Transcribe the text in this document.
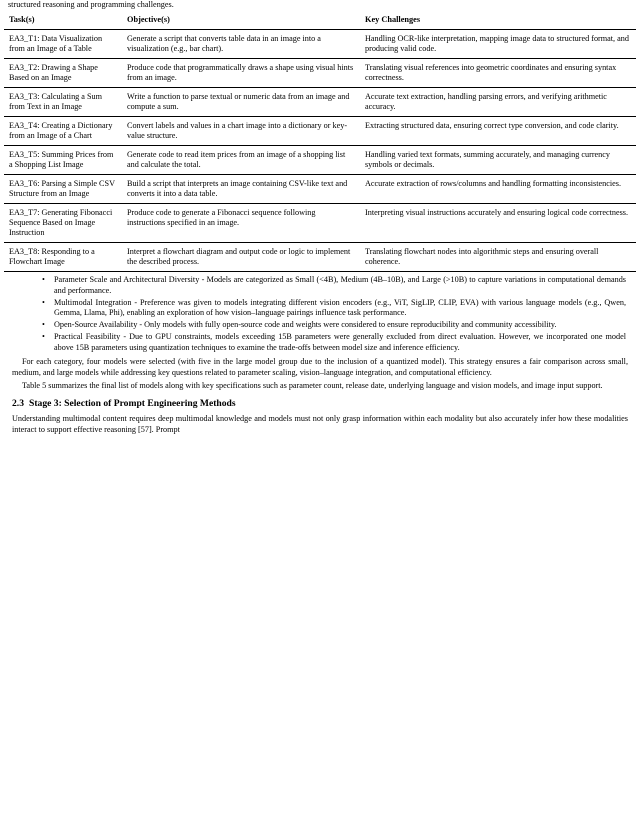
structured reasoning and programming challenges.
Task(s)	Objective(s)	Key Challenges
EA3_T1: Data Visualization from an Image of a Table	Generate a script that converts table data in an image into a visualization (e.g., bar chart).	Handling OCR-like interpretation, mapping image data to structured format, and producing valid code.
EA3_T2: Drawing a Shape Based on an Image	Produce code that programmatically draws a shape using visual hints from an image.	Translating visual references into geometric coordinates and ensuring syntax correctness.
EA3_T3: Calculating a Sum from Text in an Image	Write a function to parse textual or numeric data from an image and compute a sum.	Accurate text extraction, handling parsing errors, and verifying arithmetic accuracy.
EA3_T4: Creating a Dictionary from an Image of a Chart	Convert labels and values in a chart image into a dictionary or key-value structure.	Extracting structured data, ensuring correct type conversion, and code clarity.
EA3_T5: Summing Prices from a Shopping List Image	Generate code to read item prices from an image of a shopping list and calculate the total.	Handling varied text formats, summing accurately, and managing currency symbols or decimals.
EA3_T6: Parsing a Simple CSV Structure from an Image	Build a script that interprets an image containing CSV-like text and converts it into a data table.	Accurate extraction of rows/columns and handling formatting inconsistencies.
EA3_T7: Generating Fibonacci Sequence Based on Image Instruction	Produce code to generate a Fibonacci sequence following instructions specified in an image.	Interpreting visual instructions accurately and ensuring logical code correctness.
EA3_T8: Responding to a Flowchart Image	Interpret a flowchart diagram and output code or logic to implement the described process.	Translating flowchart nodes into algorithmic steps and ensuring overall coherence.
• Parameter Scale and Architectural Diversity - Models are categorized as Small (<4B), Medium (4B–10B), and Large (>10B) to capture variations in computational demands and performance.
• Multimodal Integration - Preference was given to models integrating different vision encoders (e.g., ViT, SigLIP, CLIP, EVA) with various language models (e.g., Qwen, Gemma, Llama, Phi), enabling an exploration of how vision–language pairings influence task performance.
• Open-Source Availability - Only models with fully open-source code and weights were considered to ensure reproducibility and community accessibility.
• Practical Feasibility - Due to GPU constraints, models exceeding 15B parameters were generally excluded from direct evaluation. However, we incorporated one model above 15B parameters using quantization techniques to examine the trade-offs between model size and inference efficiency.

For each category, four models were selected (with five in the large model group due to the inclusion of a quantized model). This strategy ensures a fair comparison across small, medium, and large models while addressing key questions related to parameter scaling, vision–language integration, and computational efficiency.

Table 5 summarizes the final list of models along with key specifications such as parameter count, release date, underlying language and vision models, and image input support.

2.3 Stage 3: Selection of Prompt Engineering Methods

Understanding multimodal content requires deep multimodal knowledge and models must not only grasp information within each modality but also accurately infer how these modalities interact to support effective reasoning [57]. Prompt
